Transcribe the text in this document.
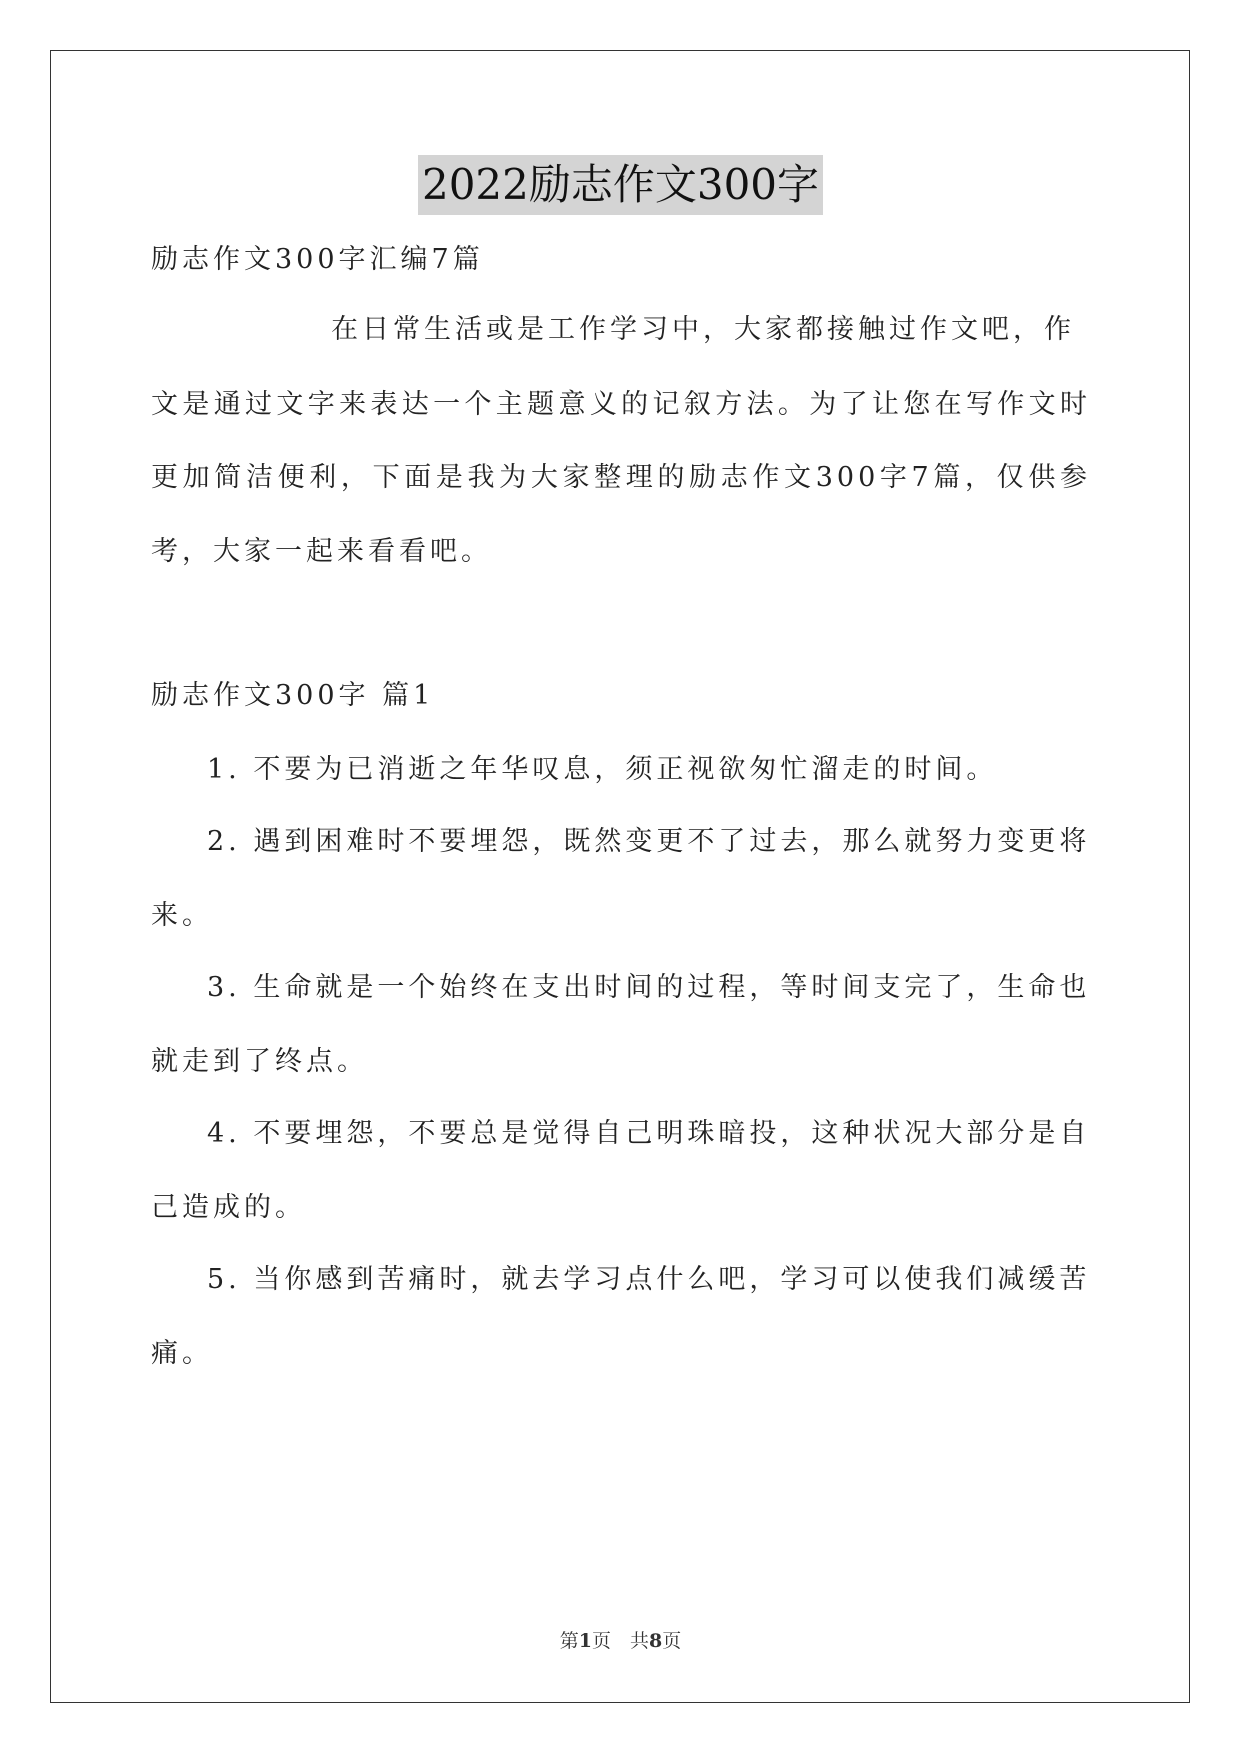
2022励志作文300字
励志作文300字汇编7篇
在日常生活或是工作学习中，大家都接触过作文吧，作
文是通过文字来表达一个主题意义的记叙方法。为了让您在写作文时
更加简洁便利，下面是我为大家整理的励志作文300字7篇，仅供参
考，大家一起来看看吧。
励志作文300字 篇1
1. 不要为已消逝之年华叹息，须正视欲匆忙溜走的时间。
2. 遇到困难时不要埋怨，既然变更不了过去，那么就努力变更将
来。
3. 生命就是一个始终在支出时间的过程，等时间支完了，生命也
就走到了终点。
4. 不要埋怨，不要总是觉得自己明珠暗投，这种状况大部分是自
己造成的。
5. 当你感到苦痛时，就去学习点什么吧，学习可以使我们减缓苦
痛。
第1页　共8页
